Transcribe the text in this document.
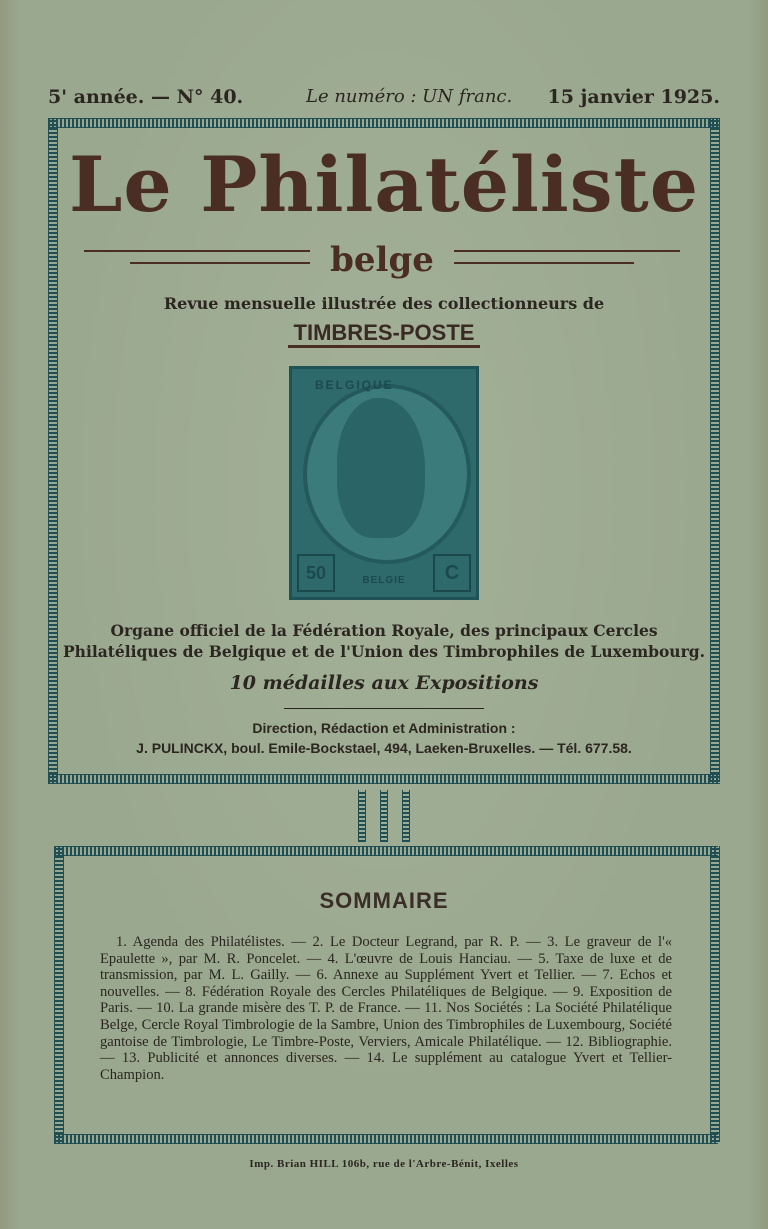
5' année. — N° 40.	Le numéro : UN franc. 15 janvier 1925.
Le Philatéliste
belge
Revue mensuelle illustrée des collectionneurs de
TIMBRES-POSTE
BELGIQUE
50	C
BELGIE
Organe officiel de la Fédération Royale, des principaux Cercles
Philatéliques de Belgique et de l'Union des Timbrophiles de Luxembourg.
10 médailles aux Expositions
Direction, Rédaction et Administration :
J. PULINCKX, boul. Emile-Bockstael, 494, Laeken-Bruxelles. — Tél. 677.58.
SOMMAIRE
1. Agenda des Philatélistes. — 2. Le Docteur Legrand, par R. P. — 3. Le graveur de l'« Epaulette », par M. R. Poncelet. — 4. L'œuvre de Louis Hanciau. — 5. Taxe de luxe et de transmission, par M. L. Gailly. — 6. Annexe au Supplément Yvert et Tellier. — 7. Echos et nouvelles. — 8. Fédération Royale des Cercles Philatéliques de Belgique. — 9. Exposition de Paris. — 10. La grande misère des T. P. de France. — 11. Nos Sociétés : La Société Philatélique Belge, Cercle Royal Timbrologie de la Sambre, Union des Timbrophiles de Luxembourg, Société gantoise de Timbrologie, Le Timbre-Poste, Verviers, Amicale Philatélique. — 12. Bibliographie. — 13. Publicité et annonces diverses. — 14. Le supplément au catalogue Yvert et Tellier-Champion.
Imp. Brian HILL 106b, rue de l'Arbre-Bénit, Ixelles
